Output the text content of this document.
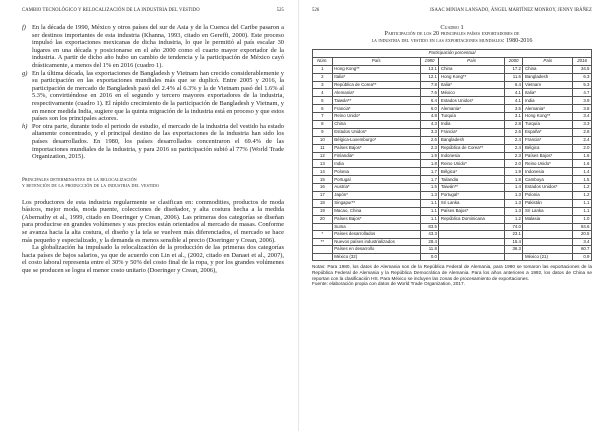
CAMBIO TECNOLÓGICO Y RELOCALIZACIÓN DE LA INDUSTRIA DEL VESTIDO	525
f) En la década de 1990, México y otros países del sur de Asia y de la Cuenca del Caribe pasaron a ser destinos importantes de esta industria (Khanna, 1993, citado en Gereffi, 2000). Este proceso impulsó las exportaciones mexicanas de dicha industria, lo que le permitió al país escalar 30 lugares en una década y posicionarse en el año 2000 como el cuarto mayor exportador de la industria. A partir de dicho año hubo un cambio de tendencia y la participación de México cayó drásticamente, a menos del 1% en 2016 (cuadro 1).
g) En la última década, las exportaciones de Bangladesh y Vietnam han crecido considerablemente y su participación en las exportaciones mundiales más que se duplicó. Entre 2005 y 2016, la participación de mercado de Bangladesh pasó del 2.4% al 6.3% y la de Vietnam pasó del 1.6% al 5.3%, convirtiéndose en 2016 en el segundo y tercero mayores exportadores de la industria, respectivamente (cuadro 1). El rápido crecimiento de la participación de Bangladesh y Vietnam, y en menor medida India, sugiere que la quinta migración de la industria está en proceso y que estos países son los principales actores.
h) Por otra parte, durante todo el periodo de estudio, el mercado de la industria del vestido ha estado altamente concentrado, y el principal destino de las exportaciones de la industria han sido los países desarrollados. En 1980, los países desarrollados concentraron el 69.4% de las importaciones mundiales de la industria, y para 2016 su participación subió al 77% (World Trade Organization, 2015).
Principales determinantes de la relocalización
y retención de la producción de la industria del vestido

Los productores de esta industria regularmente se clasifican en: commodities, productos de moda básicos, mejor moda, moda puente, colecciones de diseñador, y alta costura hecha a la medida (Abernathy et al., 1999, citado en Doeringer y Crean, 2006). Las primeras dos categorías se diseñan para producirse en grandes volúmenes y sus precios están orientados al mercado de masas. Conforme se avanza hacia la alta costura, el diseño y la tela se vuelven más diferenciados, el mercado se hace más pequeño y especializado, y la demanda es menos sensible al precio (Doeringer y Crean, 2006).

La globalización ha impulsado la relocalización de la producción de las primeras dos categorías hacia países de bajos salarios, ya que de acuerdo con Lin et al., (2002, citado en Danaei et al., 2007), el costo laboral representa entre el 30% y 50% del costo final de la ropa, y por los grandes volúmenes que se producen se logra el menor costo unitario (Doeringer y Crean, 2006),

526	ISAAC MINIAN LANSADO, ÁNGEL MARTÍNEZ MONROY, JENNY IBÁÑEZ
Cuadro 1
Participación de los 20 principales países exportadores de
la industria del vestido en las exportaciones mundiales: 1980-2016
Participación porcentual						
Núm.	País	1980	País	2000	País	2016
1	Hong Kong**	13.1	China	17.2	China	34.5
2	Italia*	12.1	Hong Kong**	11.6	Bangladesh	6.3
3	República de Corea**	7.8	Italia*	6.4	Vietnam	5.3
4	Alemania*	7.6	México	4.1	Italia*	4.7
5	Taiwán**	6.4	Estados Unidos*	4.1	India	3.9
6	Francia*	6.0	Alemania*	3.5	Alemania*	3.8
7	Reino Unido*	4.8	Turquía	3.1	Hong Kong**	3.4
8	China	4.3	India	2.8	Turquía	3.3
9	Estados Unidos*	3.3	Francia*	2.6	España*	2.8
10	Bélgica-Luxemburgo*	2.6	Bangladesh	2.4	Francia*	2.4
11	Países Bajos*	2.3	República de Corea**	2.4	Bélgica	2.0
12	Finlandia*	1.9	Indonesia	2.3	Países Bajos*	1.6
13	India	1.8	Reino Unido*	2.0	Reino Unido*	1.6
14	Polonia	1.7	Bélgica*	1.9	Indonesia	1.4
15	Portugal	1.7	Tailandia	1.8	Camboya	1.5
16	Austria*	1.5	Taiwán**	1.4	Estados Unidos*	1.2
17	Japón*	1.3	Portugal*	1.3	Polonia	1.2
18	Singapur**	1.1	Sri Lanka	1.3	Pakistán	1.1
19	Macao, China	1.1	Países Bajos*	1.3	Sri Lanka	1.1
20	Países Bajos*	1.1	República Dominicana	1.2	Malasia	1.0
	Suma	83.5		74.0		84.6
*	Países desarrollados	43.3		23.1		20.5
**	Nuevos países industrializados	28.4		15.4		3.4
	Países en desarrollo	11.8		36.3		60.7
	México (32)	0.0			México (21)	0.9
Notas: Para 1980, los datos de Alemania son de la República Federal de Alemania, para 1990 se tomaron las exportaciones de la República Federal de Alemania y la República Democrática de Alemania. Para los años anteriores a 1992, los datos de China se reportan con la clasificación HS. Para México se incluyen las zonas de procesamiento de exportaciones.
Fuente: elaboración propia con datos de World Trade Organization, 2017.
